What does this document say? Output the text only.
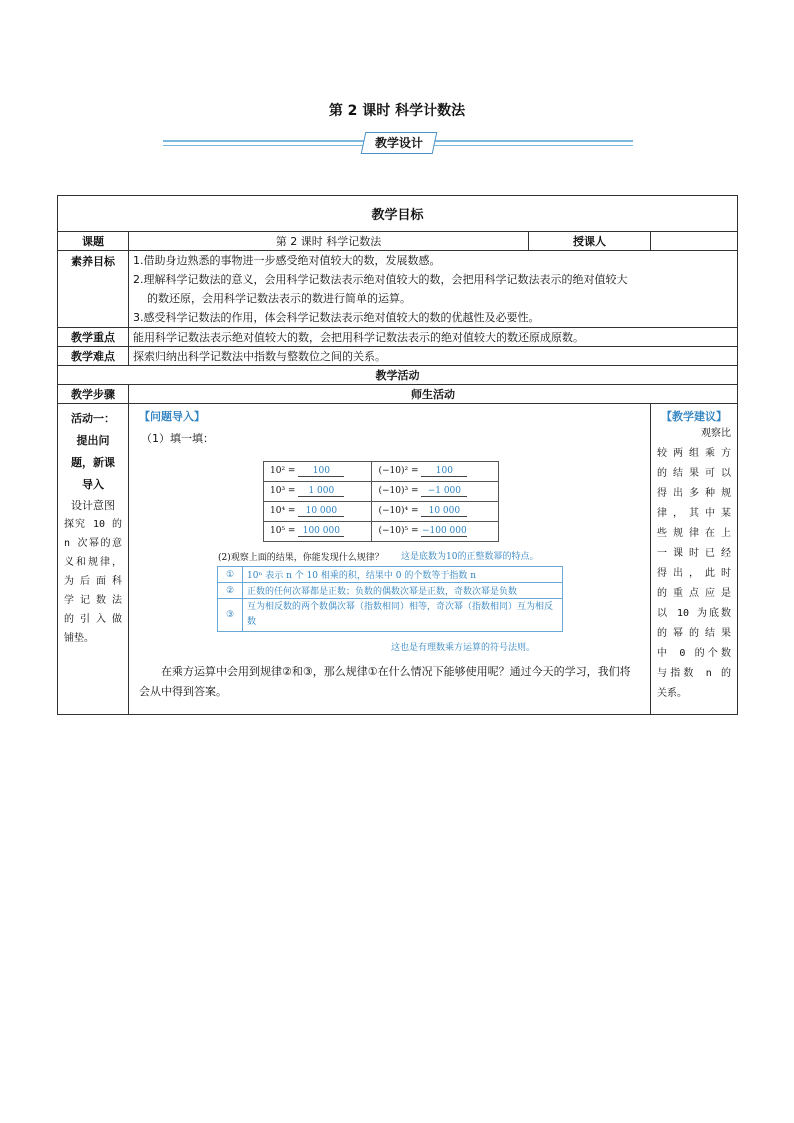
第 2 课时 科学计数法
教学设计
教学目标
课题	第 2 课时 科学记数法	授课人	
素养目标	1.借助身边熟悉的事物进一步感受绝对值较大的数，发展数感。
2.理解科学记数法的意义，会用科学记数法表示绝对值较大的数，会把用科学记数法表示的绝对值较大
的数还原，会用科学记数法表示的数进行简单的运算。
3.感受科学记数法的作用，体会科学记数法表示绝对值较大的数的优越性及必要性。

教学重点	能用科学记数法表示绝对值较大的数，会把用科学记数法表示的绝对值较大的数还原成原数。
教学难点	探索归纳出科学记数法中指数与整数位之间的关系。
教学活动
教学步骤	师生活动

活动一：
提出问
题，新课
导入
设计意图
探究 10 的
n 次幂的意
义和规律，
为后面科
学记数法
的引入做
铺垫。

【问题导入】
（1）填一填：
10² = 100	(−10)² = 100
10³ = 1 000	(−10)³ = −1 000
10⁴ = 10 000	(−10)⁴ = 10 000
10⁵ = 100 000	(−10)⁵ = −100 000
(2)观察上面的结果，你能发现什么规律？ 这是底数为10的正整数幂的特点。
①	10ⁿ 表示 n 个 10 相乘的积，结果中 0 的个数等于指数 n
②	正数的任何次幂都是正数；负数的偶数次幂是正数，奇数次幂是负数
③	互为相反数的两个数偶次幂（指数相同）相等，奇次幂（指数相同）互为相反数
这也是有理数乘方运算的符号法则。
在乘方运算中会用到规律②和③，那么规律①在什么情况下能够使用呢？通过今天的学习，我们将会从中得到答案。

【教学建议】
观察比
较两组乘方
的结果可以
得出多种规
律，其中某
些规律在上
一课时已经
得出，此时
的重点应是
以 10 为底数
的幂的结果
中 0 的个数
与指数 n 的
关系。
